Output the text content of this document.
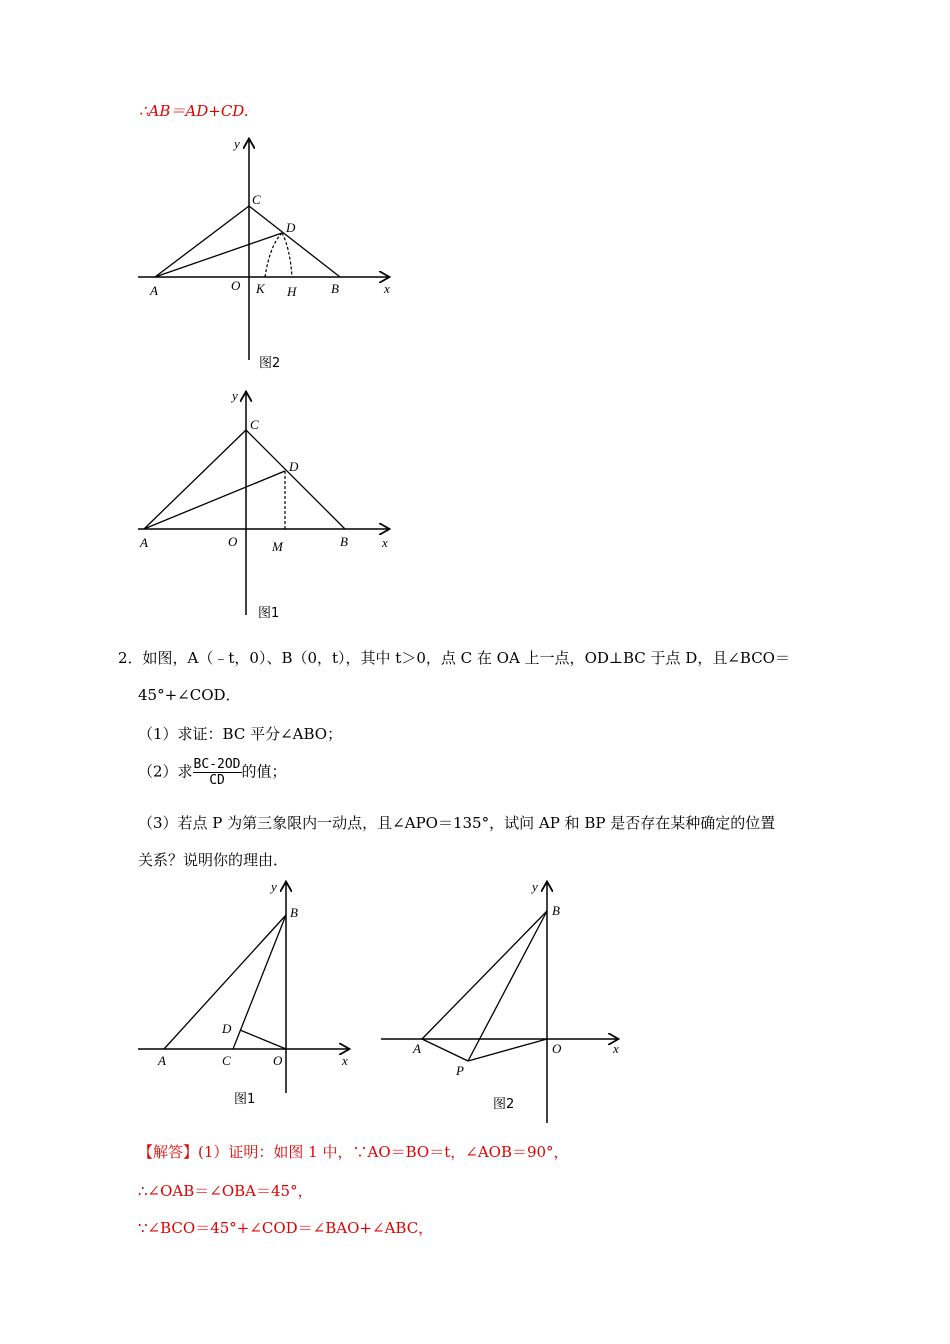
∴AB＝AD+CD.
y
C
D
A	O K H	B	x
图2
y
C
D
A	O	M	B	x
图1
2．如图，A（﹣t，0）、B（0，t），其中 t＞0，点 C 在 OA 上一点，OD⊥BC 于点 D，且∠BCO＝
45°+∠COD．
（1）求证：BC 平分∠ABO；
（2）求 $\frac{BC-2OD}{CD}$ 的值；
（3）若点 P 为第三象限内一动点，且∠APO＝135°，试问 AP 和 BP 是否存在某种确定的位置
关系？说明你的理由．
y
B
D
A	C	O	x
图1
y
B
A	O
P
x
图2
【解答】(1）证明：如图 1 中，∵AO＝BO＝t，∠AOB＝90°，
∴∠OAB＝∠OBA＝45°，
∵∠BCO＝45°+∠COD＝∠BAO+∠ABC，
